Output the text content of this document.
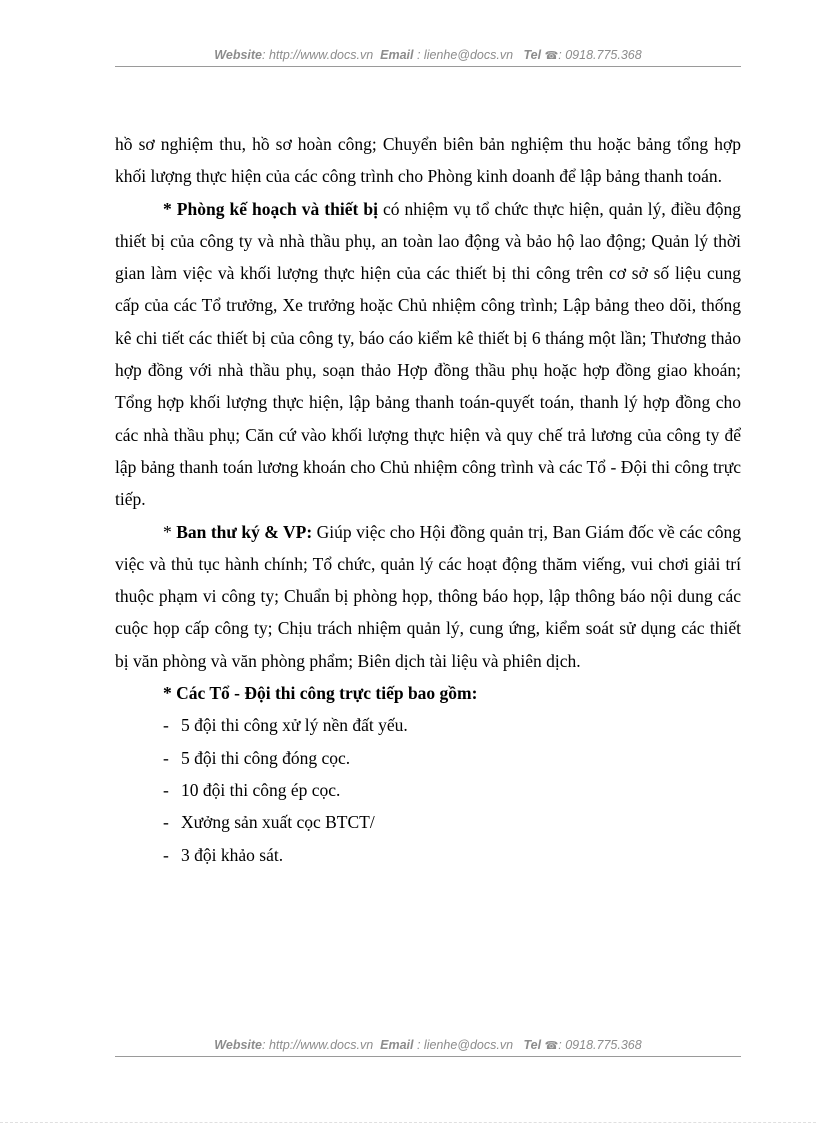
Website: http://www.docs.vn Email : lienhe@docs.vn Tel ☎: 0918.775.368

hồ sơ nghiệm thu, hồ sơ hoàn công; Chuyển biên bản nghiệm thu hoặc bảng tổng hợp khối lượng thực hiện của các công trình cho Phòng kinh doanh để lập bảng thanh toán.

* Phòng kế hoạch và thiết bị có nhiệm vụ tổ chức thực hiện, quản lý, điều động thiết bị của công ty và nhà thầu phụ, an toàn lao động và bảo hộ lao động; Quản lý thời gian làm việc và khối lượng thực hiện của các thiết bị thi công trên cơ sở số liệu cung cấp của các Tổ trưởng, Xe trưởng hoặc Chủ nhiệm công trình; Lập bảng theo dõi, thống kê chi tiết các thiết bị của công ty, báo cáo kiểm kê thiết bị 6 tháng một lần; Thương thảo hợp đồng với nhà thầu phụ, soạn thảo Hợp đồng thầu phụ hoặc hợp đồng giao khoán; Tổng hợp khối lượng thực hiện, lập bảng thanh toán-quyết toán, thanh lý hợp đồng cho các nhà thầu phụ; Căn cứ vào khối lượng thực hiện và quy chế trả lương của công ty để lập bảng thanh toán lương khoán cho Chủ nhiệm công trình và các Tổ - Đội thi công trực tiếp.

* Ban thư ký & VP: Giúp việc cho Hội đồng quản trị, Ban Giám đốc về các công việc và thủ tục hành chính; Tổ chức, quản lý các hoạt động thăm viếng, vui chơi giải trí thuộc phạm vi công ty; Chuẩn bị phòng họp, thông báo họp, lập thông báo nội dung các cuộc họp cấp công ty; Chịu trách nhiệm quản lý, cung ứng, kiểm soát sử dụng các thiết bị văn phòng và văn phòng phẩm; Biên dịch tài liệu và phiên dịch.

* Các Tổ - Đội thi công trực tiếp bao gồm:

- 5 đội thi công xử lý nền đất yếu.

- 5 đội thi công đóng cọc.

- 10 đội thi công ép cọc.

- Xưởng sản xuất cọc BTCT/

- 3 đội khảo sát.

Website: http://www.docs.vn Email : lienhe@docs.vn Tel ☎: 0918.775.368
